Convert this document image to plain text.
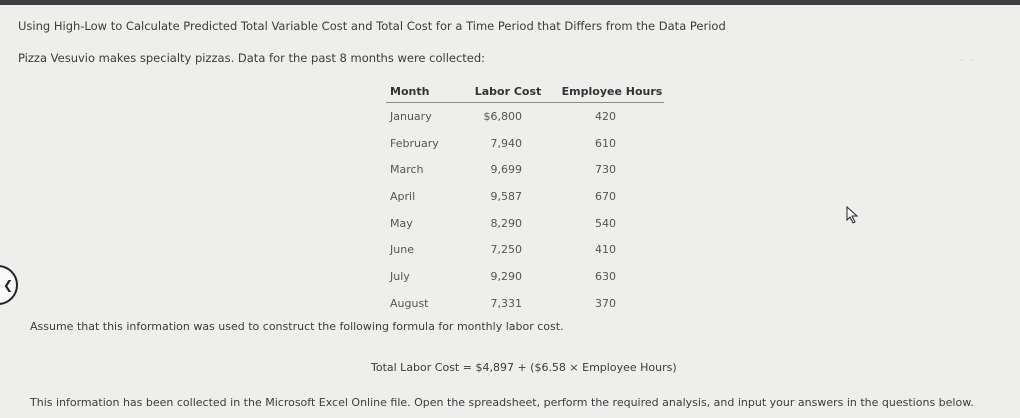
Using High-Low to Calculate Predicted Total Variable Cost and Total Cost for a Time Period that Differs from the Data Period
Pizza Vesuvio makes specialty pizzas. Data for the past 8 months were collected:
Month	Labor Cost	Employee Hours
January	$6,800	420
February	7,940	610
March	9,699	730
April	9,587	670
May	8,290	540
June	7,250	410
July	9,290	630
August	7,331	370
Assume that this information was used to construct the following formula for monthly labor cost.
Total Labor Cost = $4,897 + ($6.58 × Employee Hours)
This information has been collected in the Microsoft Excel Online file. Open the spreadsheet, perform the required analysis, and input your answers in the questions below.
❮
· ·
